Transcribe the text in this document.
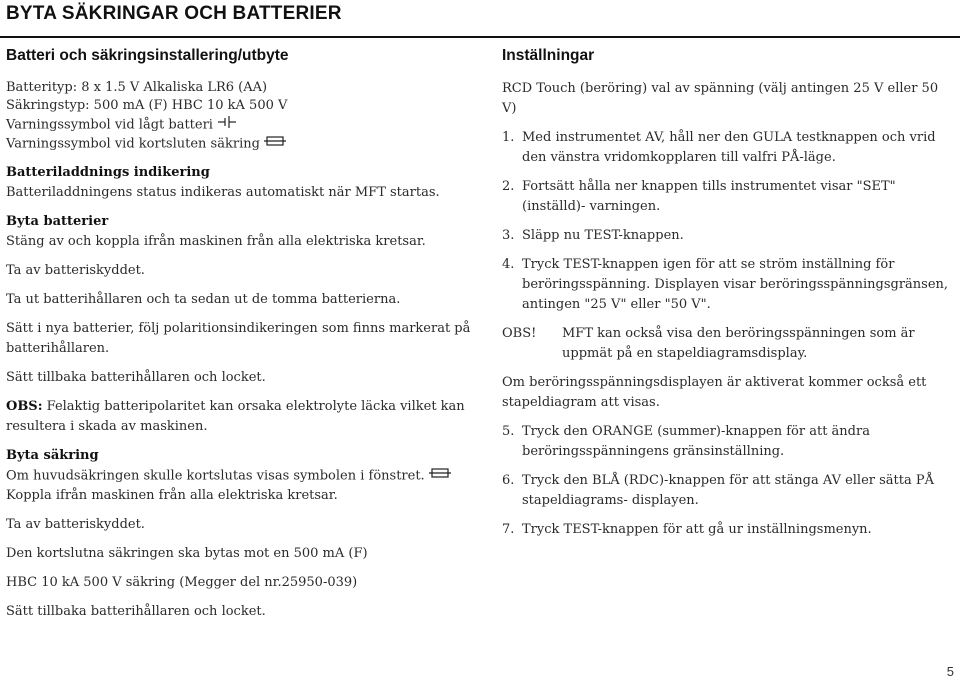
BYTA SÄKRINGAR OCH BATTERIER
Batteri och säkringsinstallering/utbyte

Batterityp: 8 x 1.5 V Alkaliska LR6 (AA)

Säkringstyp: 500 mA (F) HBC 10 kA 500 V

Varningssymbol vid lågt batteri

Varningssymbol vid kortsluten säkring

Batteriladdnings indikering

Batteriladdningens status indikeras automatiskt när MFT startas.

Byta batterier

Stäng av och koppla ifrån maskinen från alla elektriska kretsar.

Ta av batteriskyddet.

Ta ut batterihållaren och ta sedan ut de tomma batterierna.

Sätt i nya batterier, följ polaritionsindikeringen som finns markerat på batterihållaren.

Sätt tillbaka batterihållaren och locket.

OBS: Felaktig batteripolaritet kan orsaka elektrolyte läcka vilket kan resultera i skada av maskinen.

Byta säkring

Om huvudsäkringen skulle kortslutas visas symbolen i fönstret.

Koppla ifrån maskinen från alla elektriska kretsar.

Ta av batteriskyddet.

Den kortslutna säkringen ska bytas mot en 500 mA (F)

HBC 10 kA 500 V säkring (Megger del nr.25950-039)

Sätt tillbaka batterihållaren och locket.

Inställningar

RCD Touch (beröring) val av spänning (välj antingen 25 V eller 50 V)

1. Med instrumentet AV, håll ner den GULA testknappen och vrid den vänstra vridomkopplaren till valfri PÅ-läge.
2. Fortsätt hålla ner knappen tills instrumentet visar "SET" (inställd)- varningen.
3. Släpp nu TEST-knappen.
4. Tryck TEST-knappen igen för att se ström inställning för beröringsspänning. Displayen visar beröringsspänningsgränsen, antingen "25 V" eller "50 V".
OBS!	MFT kan också visa den beröringsspänningen som är uppmät på en stapeldiagramsdisplay.

Om beröringsspänningsdisplayen är aktiverat kommer också ett stapeldiagram att visas.

5. Tryck den ORANGE (summer)-knappen för att ändra beröringsspänningens gränsinställning.
6. Tryck den BLÅ (RDC)-knappen för att stänga AV eller sätta PÅ stapeldiagrams- displayen.
7. Tryck TEST-knappen för att gå ur inställningsmenyn.
5
